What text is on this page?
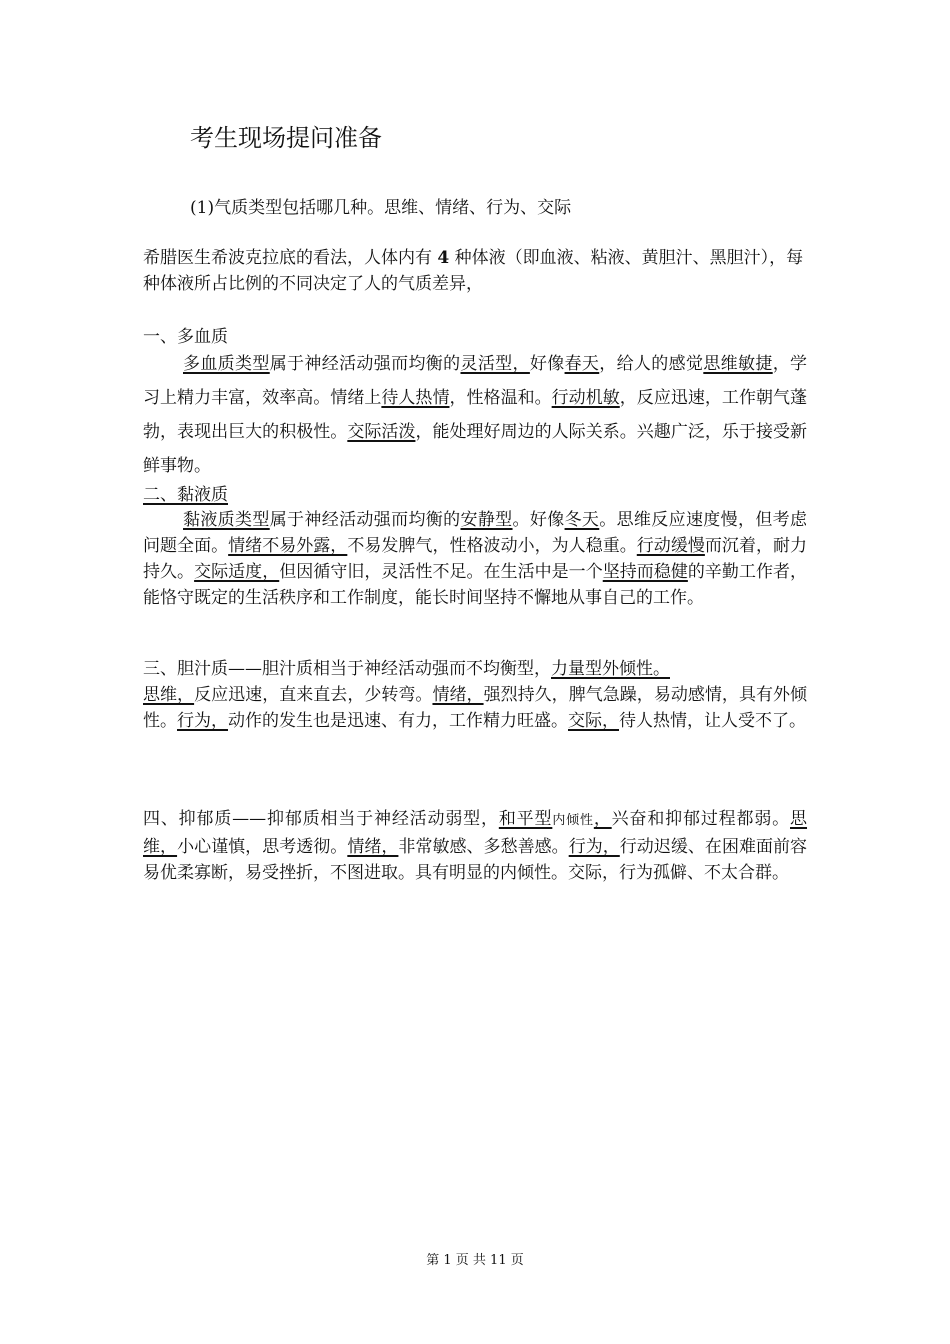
考生现场提问准备

(1)气质类型包括哪几种。思维、情绪、行为、交际

希腊医生希波克拉底的看法，人体内有 4 种体液（即血液、粘液、黄胆汁、黑胆汁），每种体液所占比例的不同决定了人的气质差异，

一、多血质

多血质类型属于神经活动强而均衡的灵活型，好像春天，给人的感觉思维敏捷，学习上精力丰富，效率高。情绪上待人热情，性格温和。行动机敏，反应迅速，工作朝气蓬勃，表现出巨大的积极性。交际活泼，能处理好周边的人际关系。兴趣广泛，乐于接受新鲜事物。

二、黏液质

黏液质类型属于神经活动强而均衡的安静型。好像冬天。思维反应速度慢，但考虑问题全面。情绪不易外露，不易发脾气，性格波动小，为人稳重。行动缓慢而沉着，耐力持久。交际适度，但因循守旧，灵活性不足。在生活中是一个坚持而稳健的辛勤工作者，能恪守既定的生活秩序和工作制度，能长时间坚持不懈地从事自己的工作。

三、胆汁质——胆汁质相当于神经活动强而不均衡型，力量型外倾性。
思维，反应迅速，直来直去，少转弯。情绪，强烈持久，脾气急躁，易动感情，具有外倾性。行为，动作的发生也是迅速、有力，工作精力旺盛。交际，待人热情，让人受不了。

四、抑郁质——抑郁质相当于神经活动弱型，和平型内倾性，兴奋和抑郁过程都弱。思维，小心谨慎，思考透彻。情绪，非常敏感、多愁善感。行为，行动迟缓、在困难面前容易优柔寡断，易受挫折，不图进取。具有明显的内倾性。交际，行为孤僻、不太合群。

第 1 页 共 11 页
